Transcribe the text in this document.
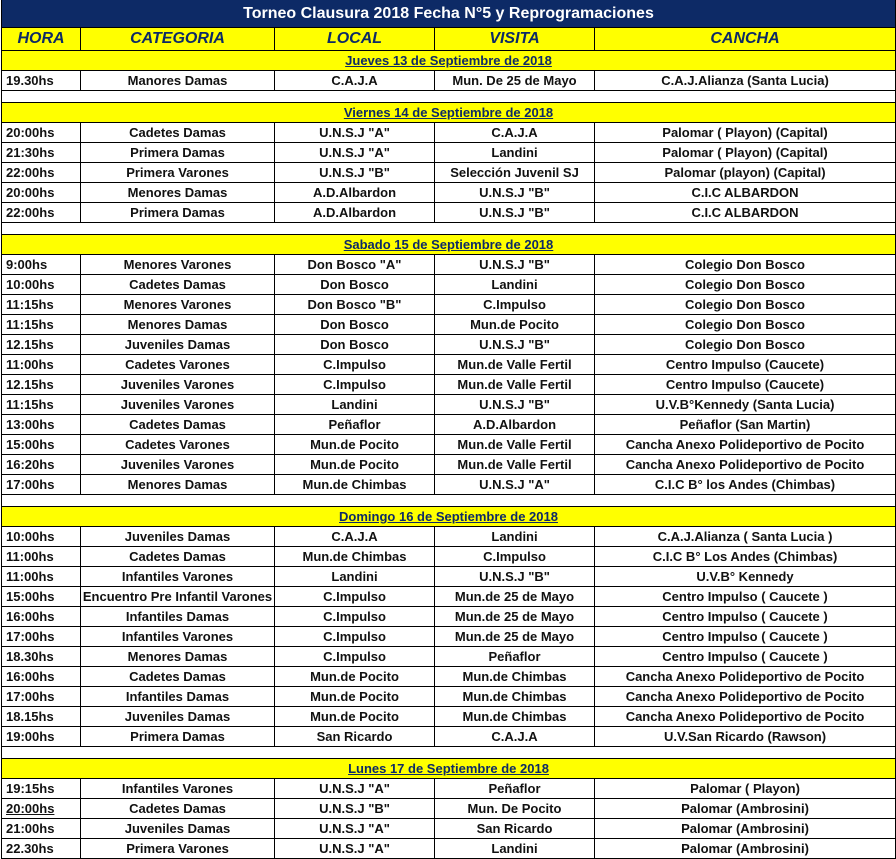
Torneo Clausura 2018 Fecha N°5 y Reprogramaciones
HORA	CATEGORIA	LOCAL	VISITA	CANCHA
Jueves 13 de Septiembre de 2018
19.30hs	Manores Damas	C.A.J.A	Mun. De 25 de Mayo	C.A.J.Alianza (Santa Lucia)
Viernes 14 de Septiembre de 2018
20:00hs	Cadetes Damas	U.N.S.J "A"	C.A.J.A	Palomar ( Playon) (Capital)
21:30hs	Primera Damas	U.N.S.J "A"	Landini	Palomar ( Playon) (Capital)
22:00hs	Primera Varones	U.N.S.J "B"	Selección Juvenil SJ	Palomar (playon) (Capital)
20:00hs	Menores Damas	A.D.Albardon	U.N.S.J "B"	C.I.C ALBARDON
22:00hs	Primera Damas	A.D.Albardon	U.N.S.J "B"	C.I.C ALBARDON
Sabado 15 de Septiembre de 2018
9:00hs	Menores Varones	Don Bosco "A"	U.N.S.J "B"	Colegio Don Bosco
10:00hs	Cadetes Damas	Don Bosco	Landini	Colegio Don Bosco
11:15hs	Menores Varones	Don Bosco "B"	C.Impulso	Colegio Don Bosco
11:15hs	Menores Damas	Don Bosco	Mun.de Pocito	Colegio Don Bosco
12.15hs	Juveniles Damas	Don Bosco	U.N.S.J "B"	Colegio Don Bosco
11:00hs	Cadetes Varones	C.Impulso	Mun.de Valle Fertil	Centro Impulso (Caucete)
12.15hs	Juveniles Varones	C.Impulso	Mun.de Valle Fertil	Centro Impulso (Caucete)
11:15hs	Juveniles Varones	Landini	U.N.S.J "B"	U.V.B°Kennedy (Santa Lucia)
13:00hs	Cadetes Damas	Peñaflor	A.D.Albardon	Peñaflor (San Martin)
15:00hs	Cadetes Varones	Mun.de Pocito	Mun.de Valle Fertil	Cancha Anexo Polideportivo de Pocito
16:20hs	Juveniles Varones	Mun.de Pocito	Mun.de Valle Fertil	Cancha Anexo Polideportivo de Pocito
17:00hs	Menores Damas	Mun.de Chimbas	U.N.S.J "A"	C.I.C B° los Andes (Chimbas)
Domingo 16 de Septiembre de 2018
10:00hs	Juveniles Damas	C.A.J.A	Landini	C.A.J.Alianza ( Santa Lucia )
11:00hs	Cadetes Damas	Mun.de Chimbas	C.Impulso	C.I.C B° Los Andes (Chimbas)
11:00hs	Infantiles Varones	Landini	U.N.S.J "B"	U.V.B° Kennedy
15:00hs	Encuentro Pre Infantil Varones	C.Impulso	Mun.de 25 de Mayo	Centro Impulso ( Caucete )
16:00hs	Infantiles Damas	C.Impulso	Mun.de 25 de Mayo	Centro Impulso ( Caucete )
17:00hs	Infantiles Varones	C.Impulso	Mun.de 25 de Mayo	Centro Impulso ( Caucete )
18.30hs	Menores Damas	C.Impulso	Peñaflor	Centro Impulso ( Caucete )
16:00hs	Cadetes Damas	Mun.de Pocito	Mun.de Chimbas	Cancha Anexo Polideportivo de Pocito
17:00hs	Infantiles Damas	Mun.de Pocito	Mun.de Chimbas	Cancha Anexo Polideportivo de Pocito
18.15hs	Juveniles Damas	Mun.de Pocito	Mun.de Chimbas	Cancha Anexo Polideportivo de Pocito
19:00hs	Primera Damas	San Ricardo	C.A.J.A	U.V.San Ricardo (Rawson)
Lunes 17 de Septiembre de 2018
19:15hs	Infantiles Varones	U.N.S.J "A"	Peñaflor	Palomar ( Playon)
20:00hs	Cadetes Damas	U.N.S.J "B"	Mun. De Pocito	Palomar (Ambrosini)
21:00hs	Juveniles Damas	U.N.S.J "A"	San Ricardo	Palomar (Ambrosini)
22.30hs	Primera Varones	U.N.S.J "A"	Landini	Palomar (Ambrosini)
